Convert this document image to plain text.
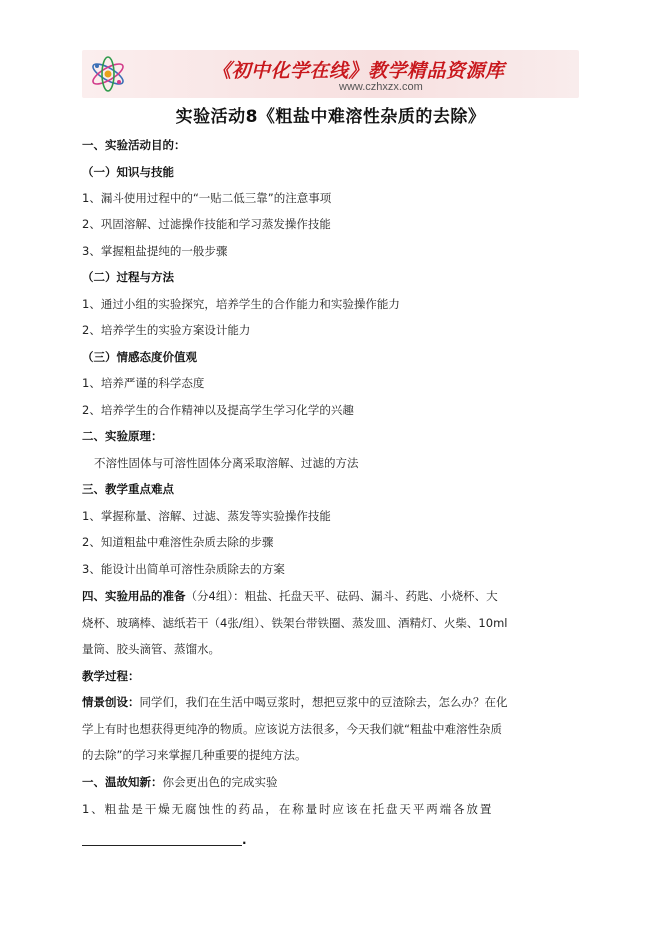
《初中化学在线》教学精品资源库
www.czhxzx.com
实验活动8《粗盐中难溶性杂质的去除》
一、实验活动目的：
（一）知识与技能
1、漏斗使用过程中的“一贴二低三靠”的注意事项
2、巩固溶解、过滤操作技能和学习蒸发操作技能
3、掌握粗盐提纯的一般步骤
（二）过程与方法
1、通过小组的实验探究，培养学生的合作能力和实验操作能力
2、培养学生的实验方案设计能力
（三）情感态度价值观
1、培养严谨的科学态度
2、培养学生的合作精神以及提高学生学习化学的兴趣
二、实验原理：
不溶性固体与可溶性固体分离采取溶解、过滤的方法
三、教学重点难点
1、掌握称量、溶解、过滤、蒸发等实验操作技能
2、知道粗盐中难溶性杂质去除的步骤
3、能设计出简单可溶性杂质除去的方案
四、实验用品的准备（分4组）：粗盐、托盘天平、砝码、漏斗、药匙、小烧杯、大
烧杯、玻璃棒、滤纸若干（4张/组）、铁架台带铁圈、蒸发皿、酒精灯、火柴、10ml
量筒、胶头滴管、蒸馏水。
教学过程：
情景创设：同学们，我们在生活中喝豆浆时，想把豆浆中的豆渣除去，怎么办？在化
学上有时也想获得更纯净的物质。应该说方法很多，今天我们就“粗盐中难溶性杂质
的去除”的学习来掌握几种重要的提纯方法。
一、温故知新：你会更出色的完成实验
1、粗盐是干燥无腐蚀性的药品，在称量时应该在托盘天平两端各放置
.
